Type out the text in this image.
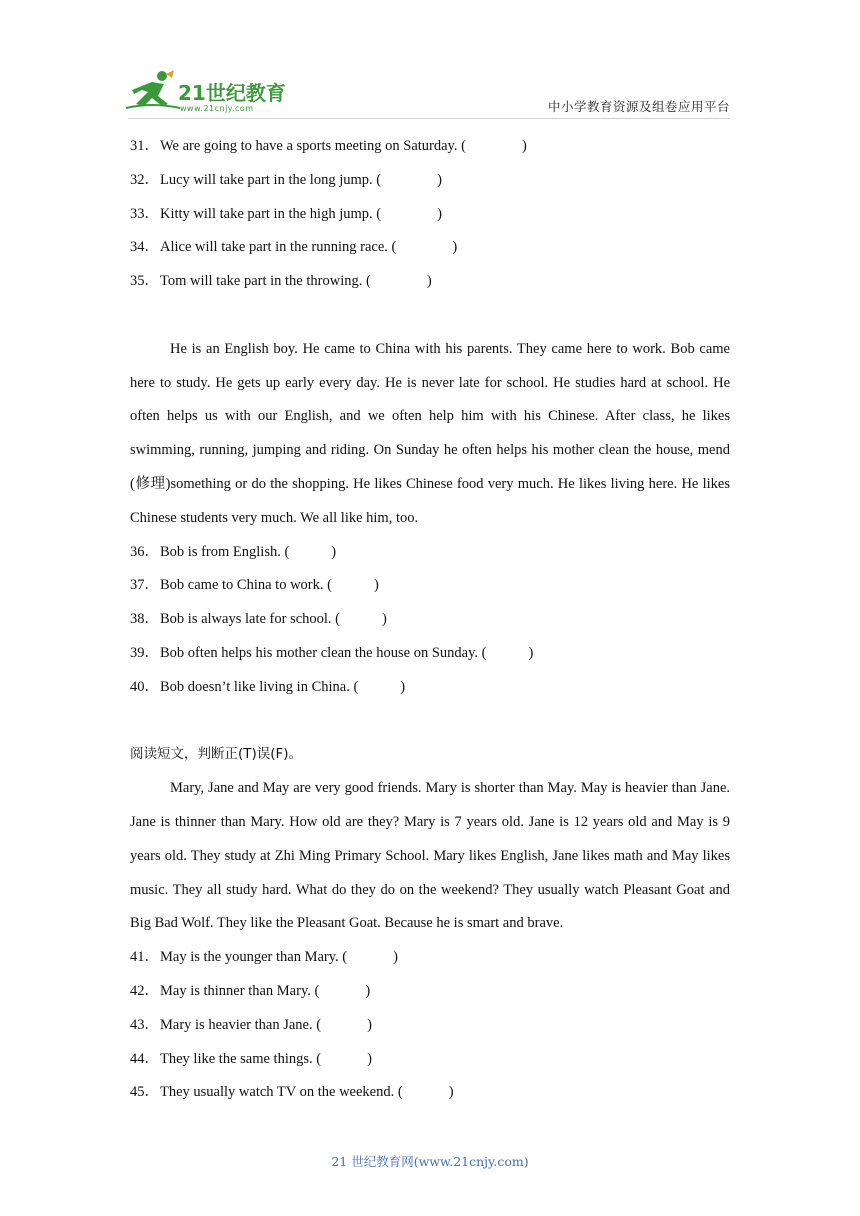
21世纪教育
www.21cnjy.com	中小学教育资源及组卷应用平台
31．We are going to have a sports meeting on Saturday. (	)
32．Lucy will take part in the long jump. (	)
33．Kitty will take part in the high jump. (	)
34．Alice will take part in the running race. (	)
35．Tom will take part in the throwing. (	)
He is an English boy. He came to China with his parents. They came here to work. Bob came here to study. He gets up early every day. He is never late for school. He studies hard at school. He often helps us with our English, and we often help him with his Chinese. After class, he likes swimming, running, jumping and riding. On Sunday he often helps his mother clean the house, mend (修理)something or do the shopping. He likes Chinese food very much. He likes living here. He likes Chinese students very much. We all like him, too.
36．Bob is from English. (	)
37．Bob came to China to work. (	)
38．Bob is always late for school. (	)
39．Bob often helps his mother clean the house on Sunday. (	)
40．Bob doesn’t like living in China. (	)
阅读短文，判断正(T)误(F)。
Mary, Jane and May are very good friends. Mary is shorter than May. May is heavier than Jane. Jane is thinner than Mary. How old are they? Mary is 7 years old. Jane is 12 years old and May is 9 years old. They study at Zhi Ming Primary School. Mary likes English, Jane likes math and May likes music. They all study hard. What do they do on the weekend? They usually watch Pleasant Goat and Big Bad Wolf. They like the Pleasant Goat. Because he is smart and brave.
41．May is the younger than Mary. (	)
42．May is thinner than Mary. (	)
43．Mary is heavier than Jane. (	)
44．They like the same things. (	)
45．They usually watch TV on the weekend. (	)
21 世纪教育网(www.21cnjy.com)
